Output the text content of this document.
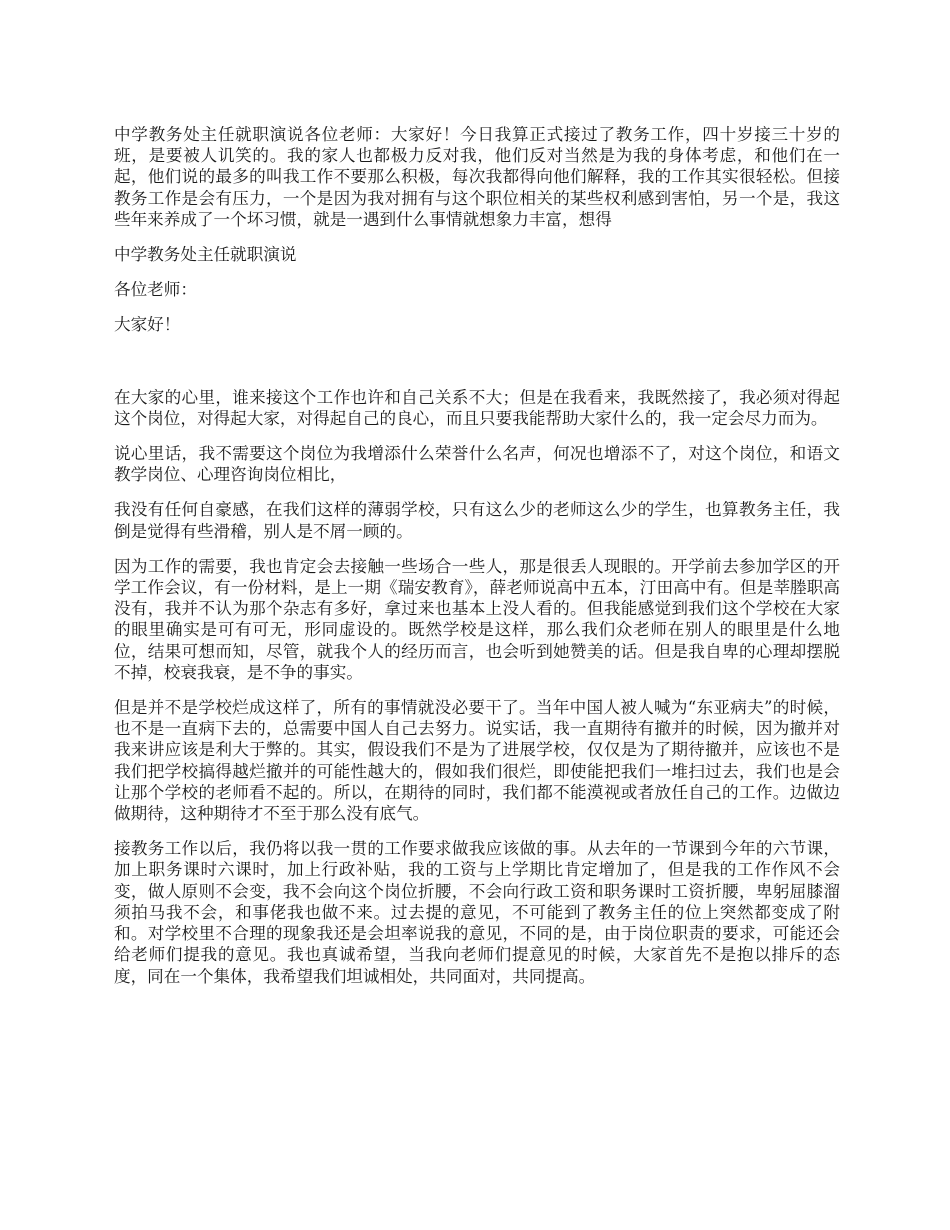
中学教务处主任就职演说各位老师：大家好！今日我算正式接过了教务工作，四十岁接三十岁的班，是要被人讥笑的。我的家人也都极力反对我，他们反对当然是为我的身体考虑，和他们在一起，他们说的最多的叫我工作不要那么积极，每次我都得向他们解释，我的工作其实很轻松。但接教务工作是会有压力，一个是因为我对拥有与这个职位相关的某些权利感到害怕，另一个是，我这些年来养成了一个坏习惯，就是一遇到什么事情就想象力丰富，想得

中学教务处主任就职演说

各位老师：

大家好！

在大家的心里，谁来接这个工作也许和自己关系不大；但是在我看来，我既然接了，我必须对得起这个岗位，对得起大家，对得起自己的良心，而且只要我能帮助大家什么的，我一定会尽力而为。

说心里话，我不需要这个岗位为我增添什么荣誉什么名声，何况也增添不了，对这个岗位，和语文教学岗位、心理咨询岗位相比，

我没有任何自豪感，在我们这样的薄弱学校，只有这么少的老师这么少的学生，也算教务主任，我倒是觉得有些滑稽，别人是不屑一顾的。

因为工作的需要，我也肯定会去接触一些场合一些人，那是很丢人现眼的。开学前去参加学区的开学工作会议，有一份材料，是上一期《瑞安教育》，薛老师说高中五本，汀田高中有。但是莘塍职高没有，我并不认为那个杂志有多好，拿过来也基本上没人看的。但我能感觉到我们这个学校在大家的眼里确实是可有可无，形同虚设的。既然学校是这样，那么我们众老师在别人的眼里是什么地位，结果可想而知，尽管，就我个人的经历而言，也会听到她赞美的话。但是我自卑的心理却摆脱不掉，校衰我衰，是不争的事实。

但是并不是学校烂成这样了，所有的事情就没必要干了。当年中国人被人喊为“东亚病夫”的时候，也不是一直病下去的，总需要中国人自己去努力。说实话，我一直期待有撤并的时候，因为撤并对我来讲应该是利大于弊的。其实，假设我们不是为了进展学校，仅仅是为了期待撤并，应该也不是我们把学校搞得越烂撤并的可能性越大的，假如我们很烂，即使能把我们一堆扫过去，我们也是会让那个学校的老师看不起的。所以，在期待的同时，我们都不能漠视或者放任自己的工作。边做边做期待，这种期待才不至于那么没有底气。

接教务工作以后，我仍将以我一贯的工作要求做我应该做的事。从去年的一节课到今年的六节课，加上职务课时六课时，加上行政补贴，我的工资与上学期比肯定增加了，但是我的工作作风不会变，做人原则不会变，我不会向这个岗位折腰，不会向行政工资和职务课时工资折腰，卑躬屈膝溜须拍马我不会，和事佬我也做不来。过去提的意见，不可能到了教务主任的位上突然都变成了附和。对学校里不合理的现象我还是会坦率说我的意见，不同的是，由于岗位职责的要求，可能还会给老师们提我的意见。我也真诚希望，当我向老师们提意见的时候，大家首先不是抱以排斥的态度，同在一个集体，我希望我们坦诚相处，共同面对，共同提高。
